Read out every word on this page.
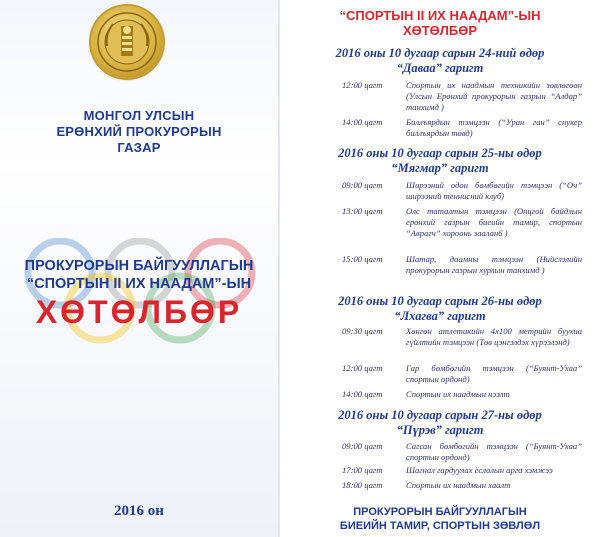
МОНГОЛ УЛСЫН
ЕРӨНХИЙ ПРОКУРОРЫН
ГАЗАР
ПРОКУРОРЫН БАЙГУУЛЛАГЫН
“СПОРТЫН II ИХ НААДАМ”-ЫН
ХӨТӨЛБӨР
2016 он
“СПОРТЫН II ИХ НААДАМ”-ЫН
ХӨТӨЛБӨР
2016 оны 10 дугаар сарын 24-ний өдөр
“Даваа” гаригт
12:00 цагт	Спортын их наадмын техникийн зөвлөгөөн (Улсын Ерөнхий прокурорын газрын “Алдар” танхимд )
14:00 цагт	Биллъярдын тэмцээн (“Уран ган” снукер биллъярдын төвд)
2016 оны 10 дугаар сарын 25-ны өдөр
“Мягмар” гаригт
09:00 цагт	Ширээний одон бөмбөгийн тэмцээн (“Оч” ширээний теннисний клуб)
13:00 цагт	Олс таталтын тэмцээн (Онцгой байдлын ерөнхий газрын биеийн тамир, спортын “Аврагч” хороонь заалан6 )
15:00 цагт	Шатар, даамны тэмцээн (Нийслэлийн прокурорын газрын хурлын танхимд )
2016 оны 10 дугаар сарын 26-ны өдөр
“Лхагва” гаригт
09:30 цагт	Хөнгөн атлетикийн 4х100 метрийн буухиа гүйлтийн тэмцээн (Төв цэнгэлдэх хүрээлэнд)
12:00 цагт	Гар бөмбөгийн тэмцээн (“Буянт-Ухаа” спортын ордонд)
14:00 цагт	Спортын их наадмын нээлт
2016 оны 10 дугаар сарын 27-ны өдөр
“Пүрэв” гаригт
09:00 цагт	Сагсан бөмбөгийн тэмцээн (“Буянт-Ухаа” спортын ордонд)
17:00 цагт	Шагнал гардуулах ёслолын арга хэмжээ
18:00 цагт	Спортын их наадмын хаалт
ПРОКУРОРЫН БАЙГУУЛЛАГЫН
БИЕИЙН ТАМИР, СПОРТЫН ЗӨВЛӨЛ
